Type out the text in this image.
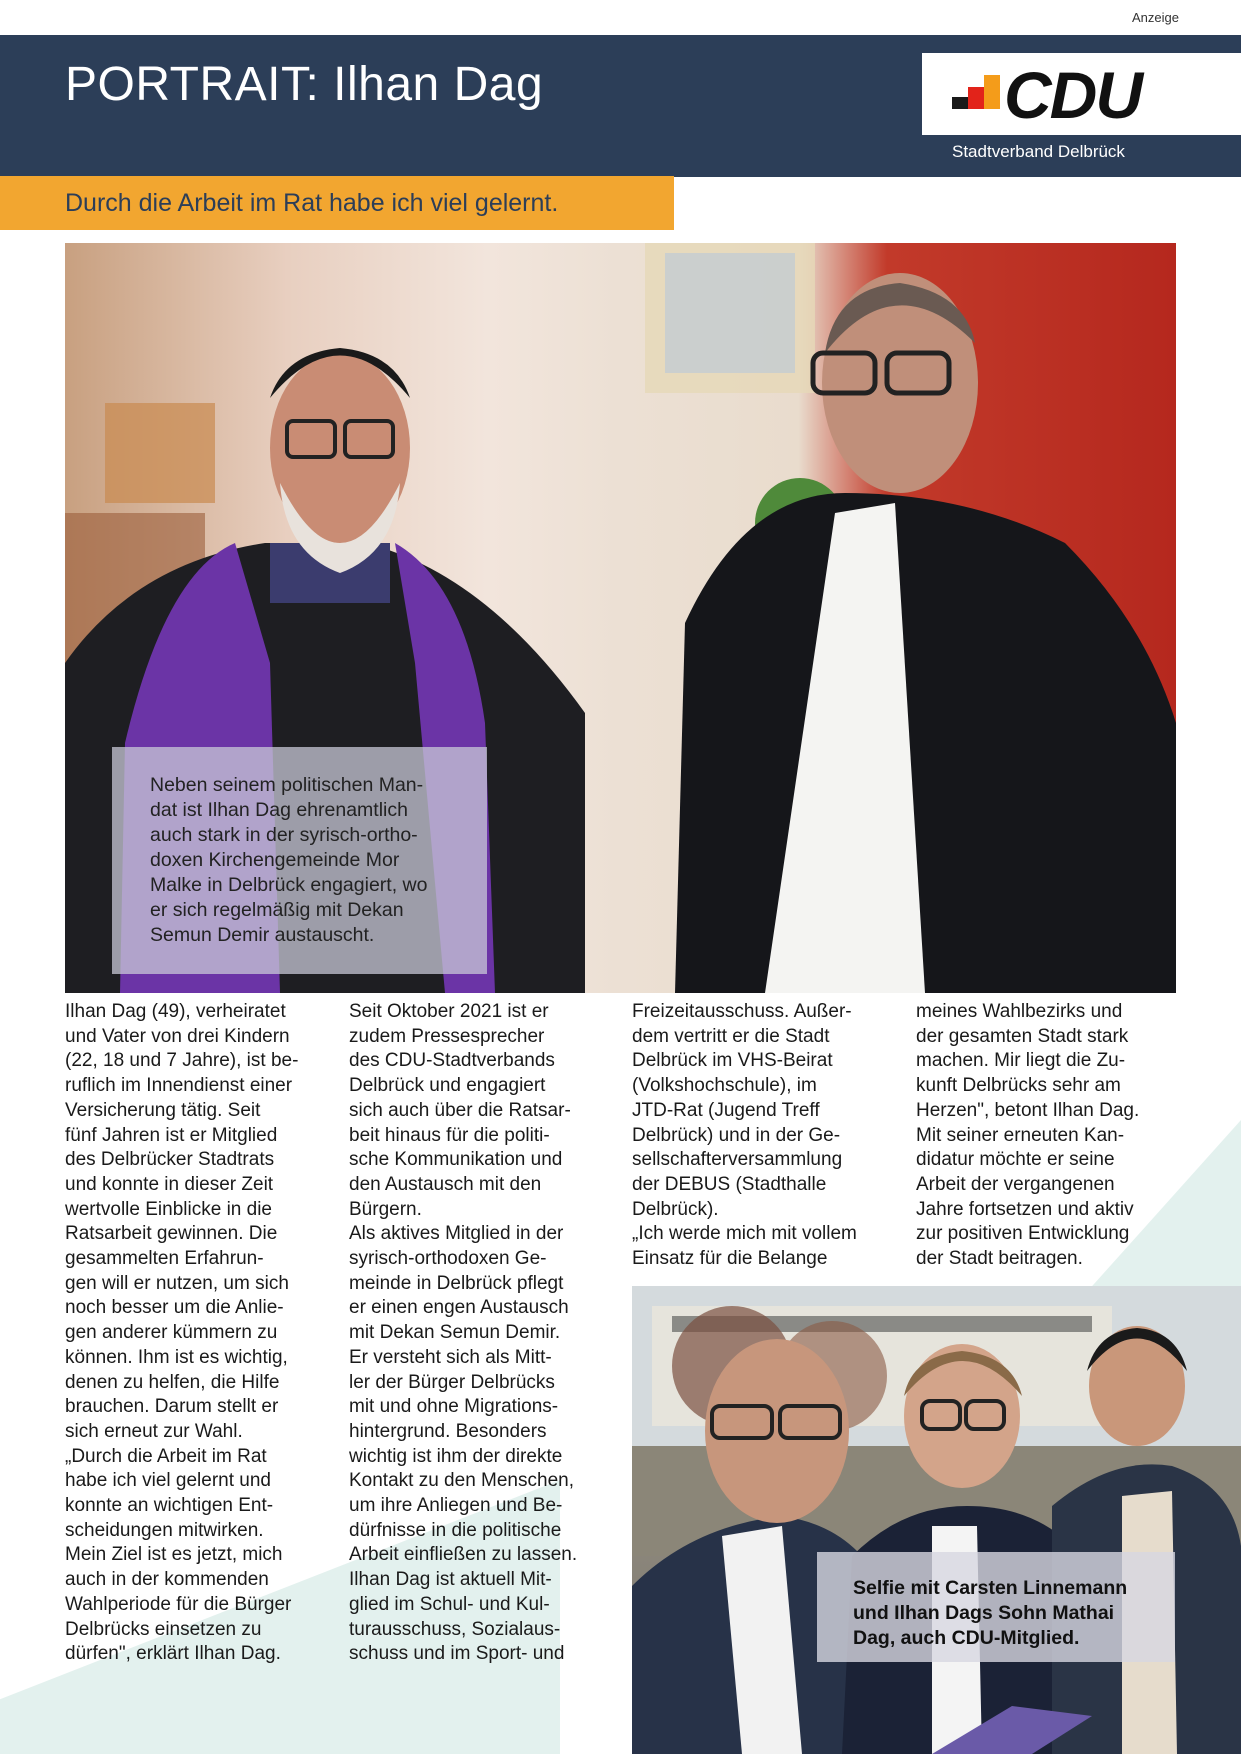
Anzeige
PORTRAIT: Ilhan Dag	CDU
Stadtverband Delbrück
Durch die Arbeit im Rat habe ich viel gelernt.
Neben seinem politischen Man-
dat ist Ilhan Dag ehrenamtlich
auch stark in der syrisch-ortho-
doxen Kirchengemeinde Mor
Malke in Delbrück engagiert, wo
er sich regelmäßig mit Dekan
Semun Demir austauscht.
Ilhan Dag (49), verheiratet
und Vater von drei Kindern
(22, 18 und 7 Jahre), ist be-
ruflich im Innendienst einer
Versicherung tätig. Seit
fünf Jahren ist er Mitglied
des Delbrücker Stadtrats
und konnte in dieser Zeit
wertvolle Einblicke in die
Ratsarbeit gewinnen. Die
gesammelten Erfahrun-
gen will er nutzen, um sich
noch besser um die Anlie-
gen anderer kümmern zu
können. Ihm ist es wichtig,
denen zu helfen, die Hilfe
brauchen. Darum stellt er
sich erneut zur Wahl.
„Durch die Arbeit im Rat
habe ich viel gelernt und
konnte an wichtigen Ent-
scheidungen mitwirken.
Mein Ziel ist es jetzt, mich
auch in der kommenden
Wahlperiode für die Bürger
Delbrücks einsetzen zu
dürfen", erklärt Ilhan Dag.
Seit Oktober 2021 ist er
zudem Pressesprecher
des CDU-Stadtverbands
Delbrück und engagiert
sich auch über die Ratsar-
beit hinaus für die politi-
sche Kommunikation und
den Austausch mit den
Bürgern.
Als aktives Mitglied in der
syrisch-orthodoxen Ge-
meinde in Delbrück pflegt
er einen engen Austausch
mit Dekan Semun Demir.
Er versteht sich als Mitt-
ler der Bürger Delbrücks
mit und ohne Migrations-
hintergrund. Besonders
wichtig ist ihm der direkte
Kontakt zu den Menschen,
um ihre Anliegen und Be-
dürfnisse in die politische
Arbeit einfließen zu lassen.
Ilhan Dag ist aktuell Mit-
glied im Schul- und Kul-
turausschuss, Sozialaus-
schuss und im Sport- und
Freizeitausschuss. Außer-
dem vertritt er die Stadt
Delbrück im VHS-Beirat
(Volkshochschule), im
JTD-Rat (Jugend Treff
Delbrück) und in der Ge-
sellschafterversammlung
der DEBUS (Stadthalle
Delbrück).
„Ich werde mich mit vollem
Einsatz für die Belange
meines Wahlbezirks und
der gesamten Stadt stark
machen. Mir liegt die Zu-
kunft Delbrücks sehr am
Herzen", betont Ilhan Dag.
Mit seiner erneuten Kan-
didatur möchte er seine
Arbeit der vergangenen
Jahre fortsetzen und aktiv
zur positiven Entwicklung
der Stadt beitragen.
Selfie mit Carsten Linnemann
und Ilhan Dags Sohn Mathai
Dag, auch CDU-Mitglied.
